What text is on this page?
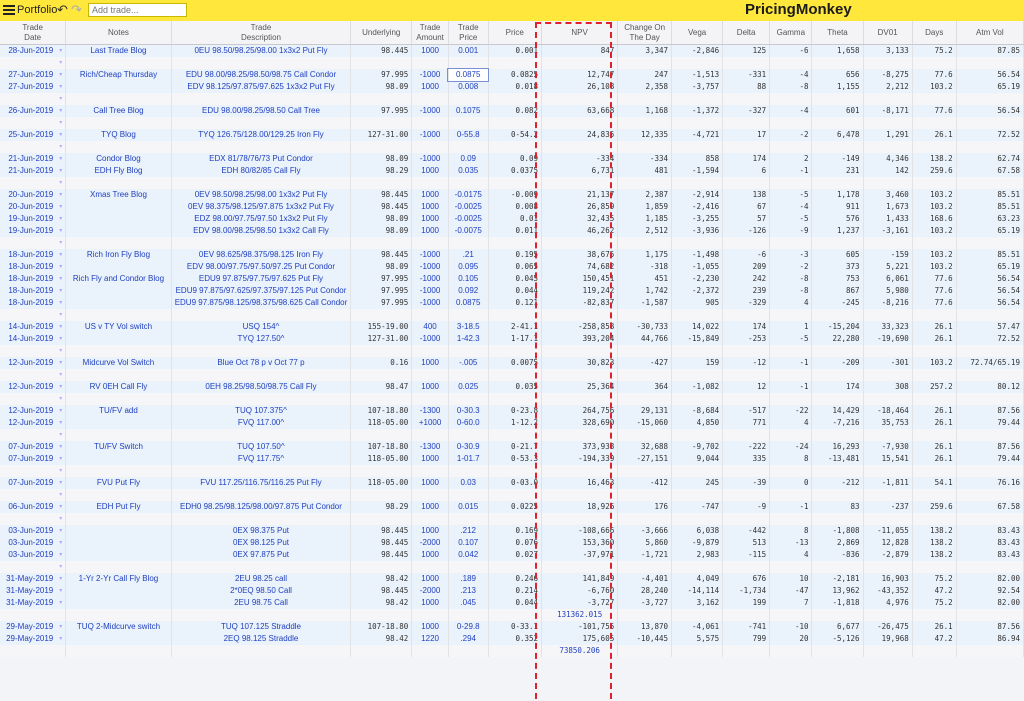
Portfolio ↶ ↷
Add trade...	PricingMonkey
Trade
Date	Notes	Trade
Description	Underlying	Trade
Amount	Trade
Price	Price	NPV	Change On
The Day	Vega	Delta	Gamma	Theta	DV01	Days	Atm Vol
28-Jun-2019 ▾	Last Trade Blog	0EU 98.50/98.25/98.00 1x3x2 Put Fly	98.445	1000	0.001	0.001	847	3,347	-2,846	125	-6	1,658	3,133	75.2	87.85
▾															
27-Jun-2019 ▾	Rich/Cheap Thursday	EDU 98.00/98.25/98.50/98.75 Call Condor	97.995	-1000	0.0875	0.0825	12,747	247	-1,513	-331	-4	656	-8,275	77.6	56.54
27-Jun-2019 ▾		EDV 98.125/97.875/97.625 1x3x2 Put Fly	98.09	1000	0.008	0.018	26,108	2,358	-3,757	88	-8	1,155	2,212	103.2	65.19
▾															
26-Jun-2019 ▾	Call Tree Blog	EDU 98.00/98.25/98.50 Call Tree	97.995	-1000	0.1075	0.082	63,668	1,168	-1,372	-327	-4	601	-8,171	77.6	56.54
▾															
25-Jun-2019 ▾	TYQ Blog	TYQ 126.75/128.00/129.25 Iron Fly	127-31.00	-1000	0-55.8	0-54.2	24,835	12,335	-4,721	17	-2	6,478	1,291	26.1	72.52
▾															
21-Jun-2019 ▾	Condor Blog	EDX 81/78/76/73 Put Condor	98.09	-1000	0.09	0.09	-334	-334	858	174	2	-149	4,346	138.2	62.74
21-Jun-2019 ▾	EDH Fly Blog	EDH 80/82/85 Call Fly	98.29	1000	0.035	0.0375	6,731	481	-1,594	6	-1	231	142	259.6	67.58
▾															
20-Jun-2019 ▾	Xmas Tree Blog	0EV 98.50/98.25/98.00 1x3x2 Put Fly	98.445	1000	-0.0175	-0.009	21,137	2,387	-2,914	138	-5	1,178	3,460	103.2	85.51
20-Jun-2019 ▾		0EV 98.375/98.125/97.875 1x3x2 Put Fly	98.445	1000	-0.0025	0.008	26,859	1,859	-2,416	67	-4	911	1,673	103.2	85.51
19-Jun-2019 ▾		EDZ 98.00/97.75/97.50 1x3x2 Put Fly	98.09	1000	-0.0025	0.01	32,435	1,185	-3,255	57	-5	576	1,433	168.6	63.23
19-Jun-2019 ▾		EDV 98.00/98.25/98.50 1x3x2 Call Fly	98.09	1000	-0.0075	0.011	46,262	2,512	-3,936	-126	-9	1,237	-3,161	103.2	65.19
▾															
18-Jun-2019 ▾	Rich Iron Fly Blog	0EV 98.625/98.375/98.125 Iron Fly	98.445	-1000	.21	0.195	38,675	1,175	-1,498	-6	-3	605	-159	103.2	85.51
18-Jun-2019 ▾		EDV 98.00/97.75/97.50/97.25 Put Condor	98.09	-1000	0.095	0.065	74,682	-318	-1,055	209	-2	373	5,221	103.2	65.19
18-Jun-2019 ▾	Rich Fly and Condor Blog	EDU9 97.875/97.75/97.625 Put Fly	97.995	-1000	0.105	0.045	150,451	451	-2,230	242	-8	753	6,061	77.6	56.54
18-Jun-2019 ▾		EDU9 97.875/97.625/97.375/97.125 Put Condor	97.995	-1000	0.092	0.044	119,242	1,742	-2,372	239	-8	867	5,980	77.6	56.54
18-Jun-2019 ▾		EDU9 97.875/98.125/98.375/98.625 Call Condor	97.995	-1000	0.0875	0.121	-82,837	-1,587	905	-329	4	-245	-8,216	77.6	56.54
▾															
14-Jun-2019 ▾	US v TY Vol switch	USQ 154^	155-19.00	400	3-18.5	2-41.1	-258,858	-30,733	14,022	174	1	-15,204	33,323	26.1	57.47
14-Jun-2019 ▾		TYQ 127.50^	127-31.00	-1000	1-42.3	1-17.1	393,204	44,766	-15,849	-253	-5	22,280	-19,690	26.1	72.52
▾															
12-Jun-2019 ▾	Midcurve Vol Switch	Blue Oct 78 p v Oct 77 p	0.16	1000	-.005	0.0075	30,823	-427	159	-12	-1	-209	-301	103.2	72.74/65.19
▾															
12-Jun-2019 ▾	RV 0EH Call Fly	0EH 98.25/98.50/98.75 Call Fly	98.47	1000	0.025	0.035	25,364	364	-1,082	12	-1	174	308	257.2	80.12
▾															
12-Jun-2019 ▾	TU/FV add	TUQ 107.375^	107-18.80	-1300	0-30.3	0-23.8	264,756	29,131	-8,684	-517	-22	14,429	-18,464	26.1	87.56
12-Jun-2019 ▾		FVQ 117.00^	118-05.00	+1000	0-60.0	1-12.2	328,690	-15,060	4,850	771	4	-7,216	35,753	26.1	79.44
▾															
07-Jun-2019 ▾	TU/FV Switch	TUQ 107.50^	107-18.80	-1300	0-30.9	0-21.7	373,938	32,688	-9,702	-222	-24	16,293	-7,930	26.1	87.56
07-Jun-2019 ▾		FVQ 117.75^	118-05.00	1000	1-01.7	0-53.3	-194,339	-27,151	9,044	335	8	-13,481	15,541	26.1	79.44
▾															
07-Jun-2019 ▾	FVU Put Fly	FVU 117.25/116.75/116.25 Put Fly	118-05.00	1000	0.03	0-03.0	16,463	-412	245	-39	0	-212	-1,811	54.1	76.16
▾															
06-Jun-2019 ▾	EDH Put Fly	EDH0 98.25/98.125/98.00/97.875 Put Condor	98.29	1000	0.015	0.0225	18,926	176	-747	-9	-1	83	-237	259.6	67.58
▾															
03-Jun-2019 ▾		0EX 98.375 Put	98.445	1000	.212	0.169	-108,666	-3,666	6,038	-442	8	-1,808	-11,055	138.2	83.43
03-Jun-2019 ▾		0EX 98.125 Put	98.445	-2000	0.107	0.076	153,360	5,860	-9,879	513	-13	2,869	12,828	138.2	83.43
03-Jun-2019 ▾		0EX 97.875 Put	98.445	1000	0.042	0.027	-37,971	-1,721	2,983	-115	4	-836	-2,879	138.2	83.43
▾															
31-May-2019 ▾	1-Yr 2-Yr Call Fly Blog	2EU 98.25 call	98.42	1000	.189	0.246	141,849	-4,401	4,049	676	10	-2,181	16,903	75.2	82.00
31-May-2019 ▾		2*0EQ 98.50 Call	98.445	-2000	.213	0.214	-6,760	28,240	-14,114	-1,734	-47	13,962	-43,352	47.2	92.54
31-May-2019 ▾		2EU 98.75 Call	98.42	1000	.045	0.044	-3,727	-3,727	3,162	199	7	-1,818	4,976	75.2	82.00
							131362.015								
29-May-2019 ▾	TUQ 2-Midcurve switch	TUQ 107.125 Straddle	107-18.80	1000	0-29.8	0-33.1	-101,755	13,870	-4,061	-741	-10	6,677	-26,475	26.1	87.56
29-May-2019 ▾		2EQ 98.125 Straddle	98.42	1220	.294	0.352	175,605	-10,445	5,575	799	20	-5,126	19,968	47.2	86.94
							73850.206								
